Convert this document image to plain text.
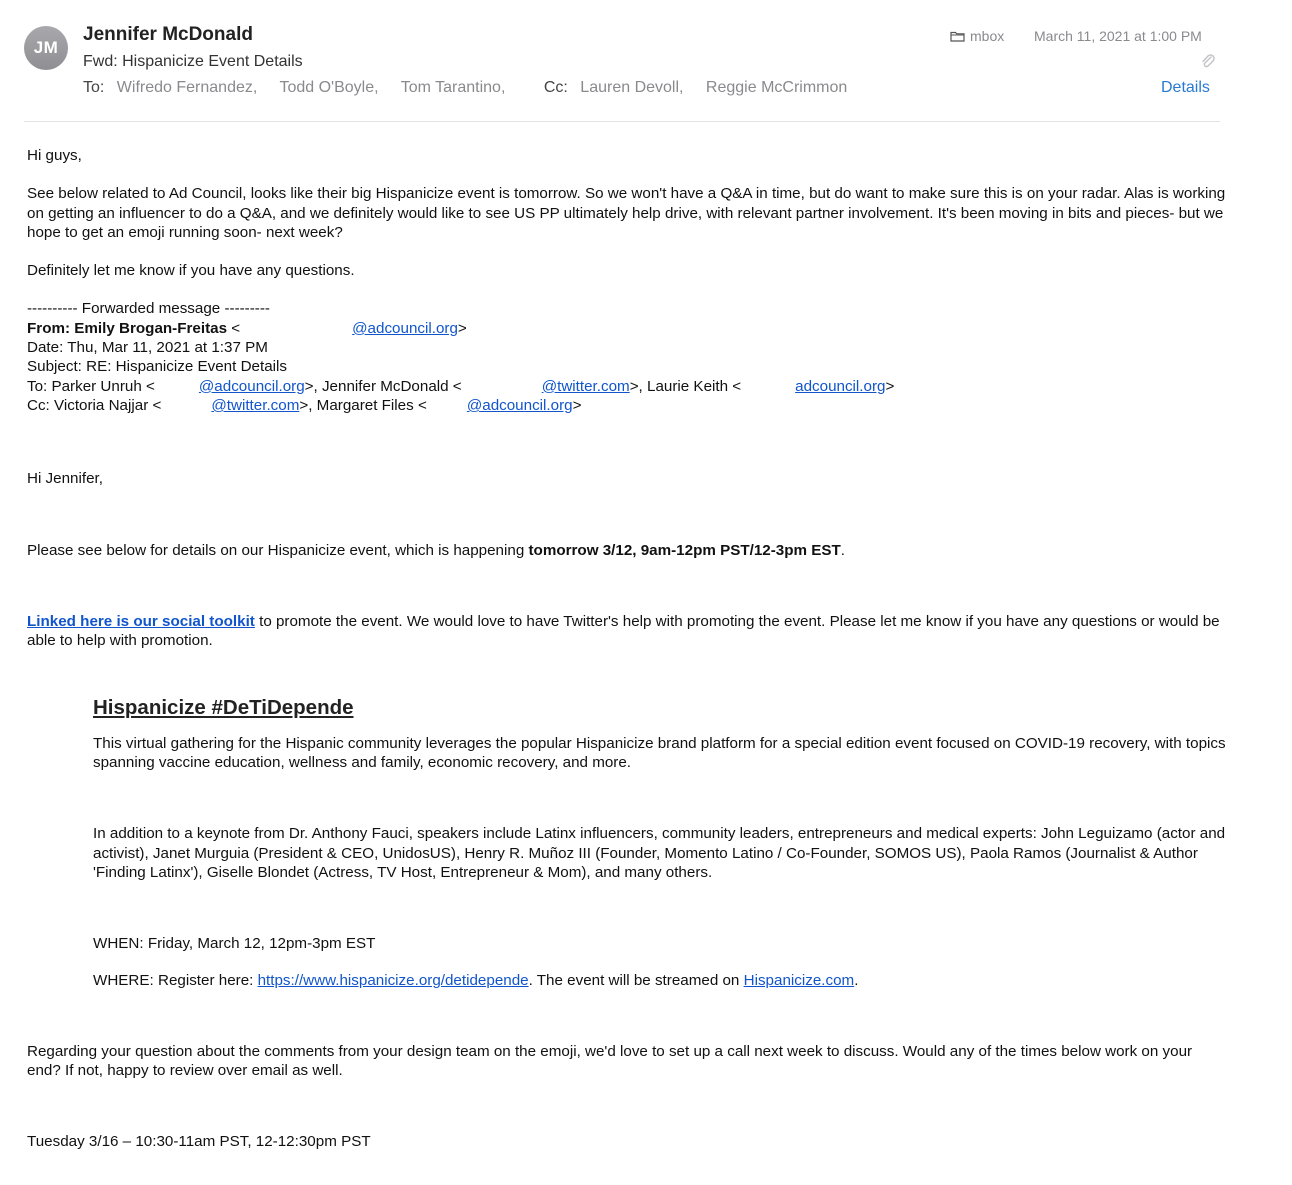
JM
Jennifer McDonald
Fwd: Hispanicize Event Details
To: Wifredo Fernandez, Todd O'Boyle, Tom Tarantino, Cc: Lauren Devoll, Reggie McCrimmon
mbox March 11, 2021 at 1:00 PM
Details

Hi guys,

See below related to Ad Council, looks like their big Hispanicize event is tomorrow. So we won't have a Q&A in time, but do want to make sure this is on your radar. Alas is working on getting an influencer to do a Q&A, and we definitely would like to see US PP ultimately help drive, with relevant partner involvement. It's been moving in bits and pieces- but we hope to get an emoji running soon- next week?

Definitely let me know if you have any questions.

---------- Forwarded message ---------

From: Emily Brogan-Freitas <	@adcouncil.org>

Date: Thu, Mar 11, 2021 at 1:37 PM

Subject: RE: Hispanicize Event Details

To: Parker Unruh <	@adcouncil.org>, Jennifer McDonald <	@twitter.com>, Laurie Keith <	adcouncil.org>

Cc: Victoria Najjar <	@twitter.com>, Margaret Files <	@adcouncil.org>

Hi Jennifer,

Please see below for details on our Hispanicize event, which is happening tomorrow 3/12, 9am-12pm PST/12-3pm EST.

Linked here is our social toolkit to promote the event. We would love to have Twitter's help with promoting the event. Please let me know if you have any questions or would be able to help with promotion.

Hispanicize #DeTiDepende

This virtual gathering for the Hispanic community leverages the popular Hispanicize brand platform for a special edition event focused on COVID-19 recovery, with topics spanning vaccine education, wellness and family, economic recovery, and more.

In addition to a keynote from Dr. Anthony Fauci, speakers include Latinx influencers, community leaders, entrepreneurs and medical experts: John Leguizamo (actor and activist), Janet Murguia (President & CEO, UnidosUS), Henry R. Muñoz III (Founder, Momento Latino / Co-Founder, SOMOS US), Paola Ramos (Journalist & Author 'Finding Latinx'), Giselle Blondet (Actress, TV Host, Entrepreneur & Mom), and many others.

WHEN: Friday, March 12, 12pm-3pm EST

WHERE: Register here: https://www.hispanicize.org/detidepende. The event will be streamed on Hispanicize.com.

Regarding your question about the comments from your design team on the emoji, we'd love to set up a call next week to discuss. Would any of the times below work on your end? If not, happy to review over email as well.

Tuesday 3/16 – 10:30-11am PST, 12-12:30pm PST
